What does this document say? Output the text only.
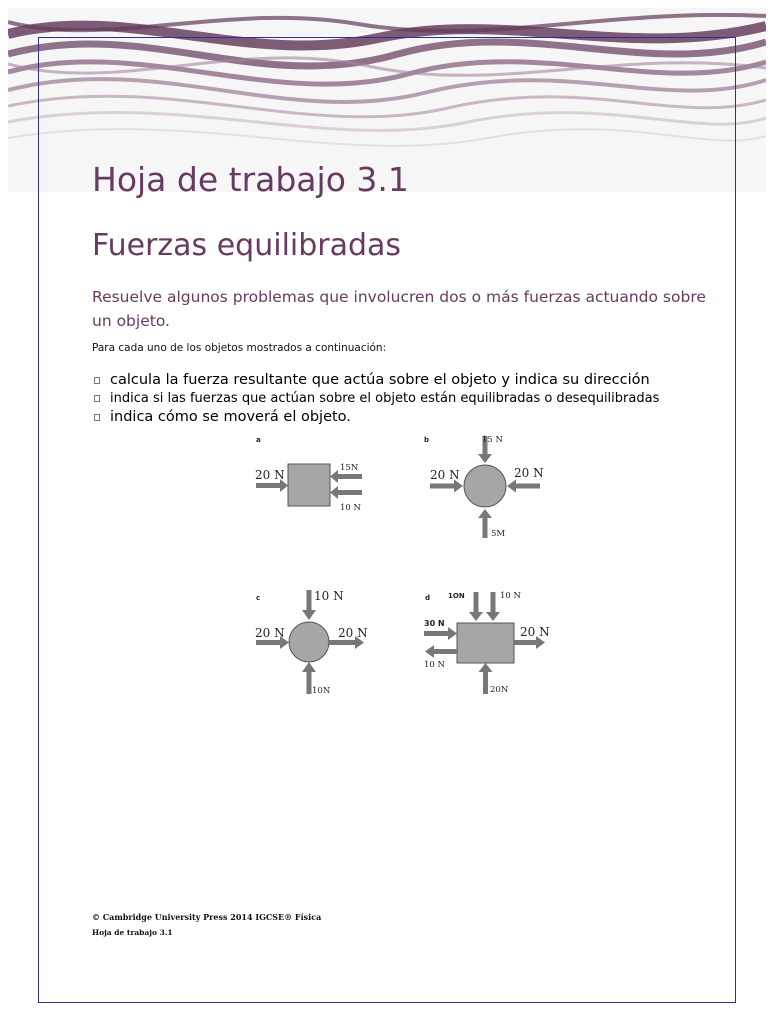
Hoja de trabajo 3.1
Fuerzas equilibradas

Resuelve algunos problemas que involucren dos o más fuerzas actuando sobre un objeto.

Para cada uno de los objetos mostrados a continuación:

calcula la fuerza resultante que actúa sobre el objeto y indica su dirección
indica si las fuerzas que actúan sobre el objeto están equilibradas o desequilibradas
indica cómo se moverá el objeto.
a
20 N	15N
10 N
b	15 N
20 N	20 N
5M
c	10 N
20 N	20 N
10N
d	1ON	10 N
30 N
10 N
20 N
20N

© Cambridge University Press 2014 IGCSE® Física

Hoja de trabajo 3.1
